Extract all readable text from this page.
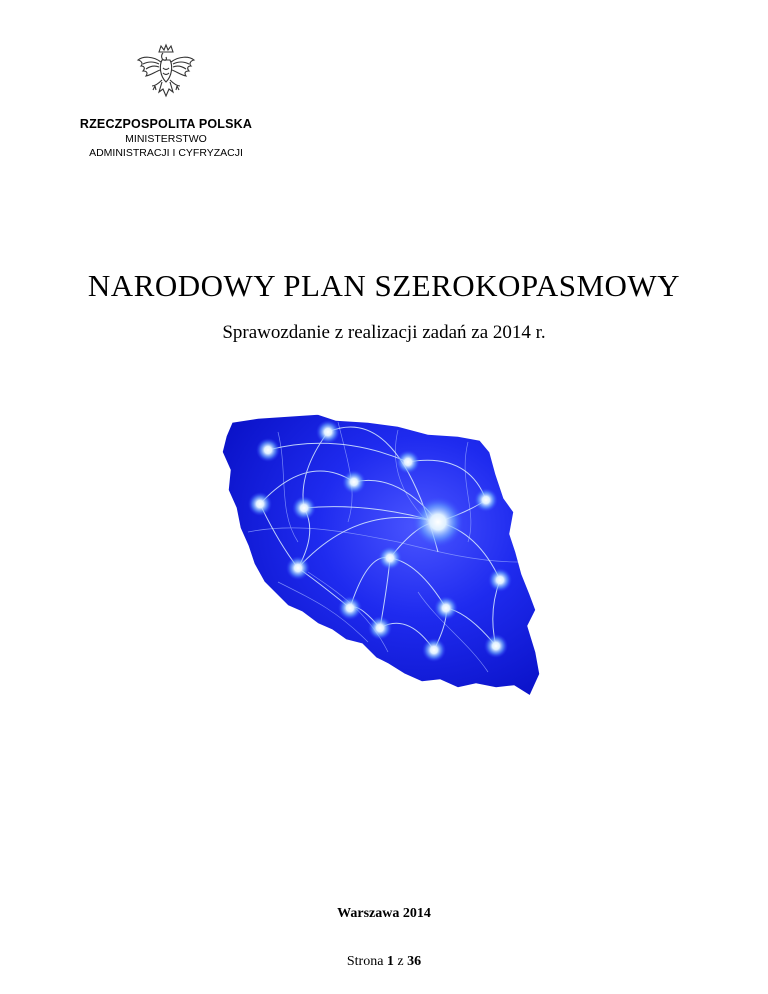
RZECZPOSPOLITA POLSKA
MINISTERSTWO
ADMINISTRACJI I CYFRYZACJI
NARODOWY PLAN SZEROKOPASMOWY
Sprawozdanie z realizacji zadań za 2014 r.
Warszawa 2014
Strona 1 z 36
